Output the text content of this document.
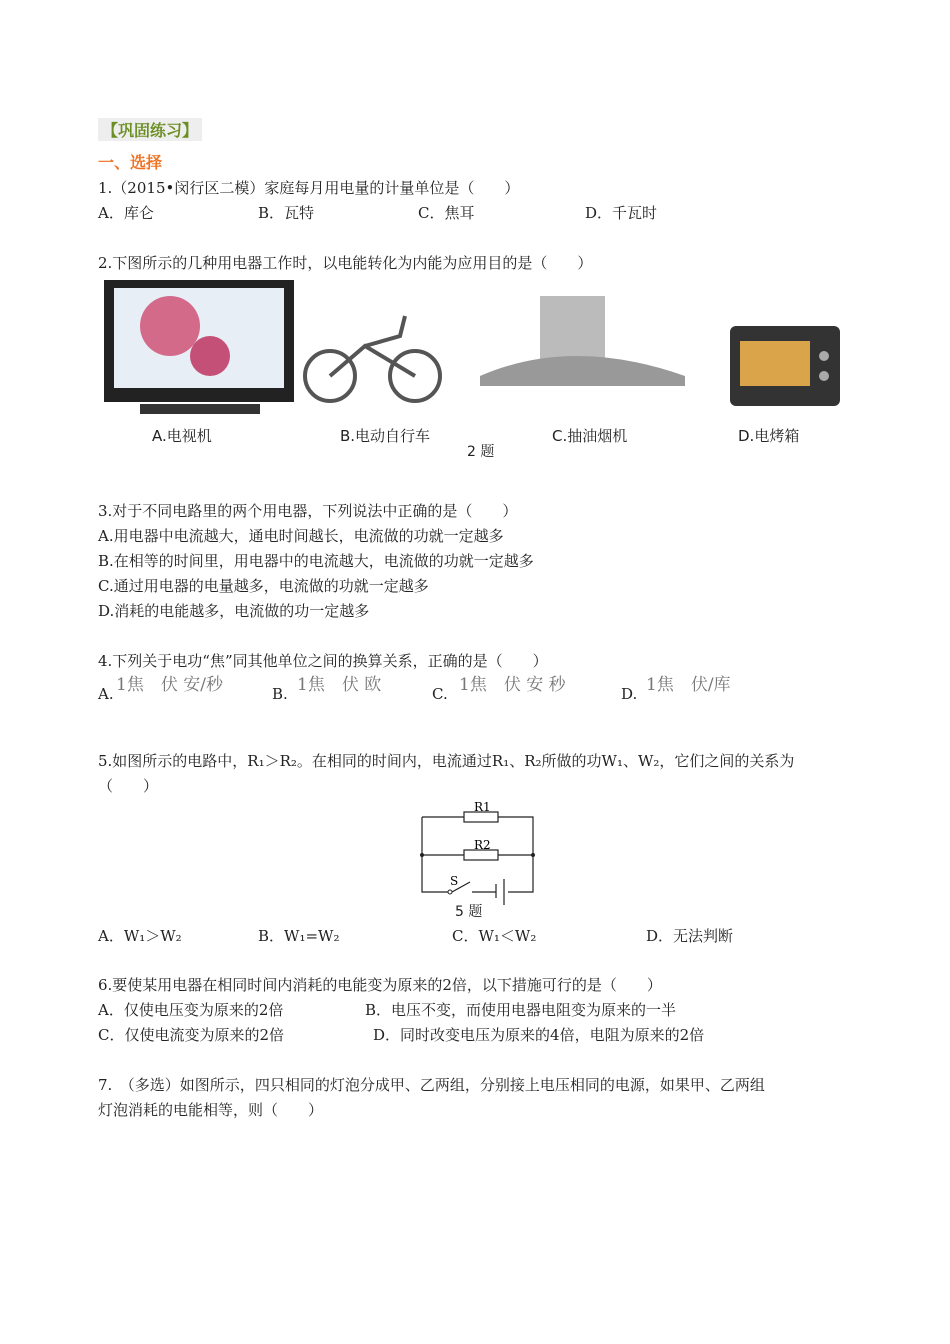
【巩固练习】
一、选择
1.（2015•闵行区二模）家庭每月用电量的计量单位是（　　）
A．库仑	B．瓦特	C．焦耳	D．千瓦时
2.下图所示的几种用电器工作时，以电能转化为内能为应用目的是（　　）
A.电视机	B.电动自行车	C.抽油烟机	D.电烤箱
2 题
3.对于不同电路里的两个用电器，下列说法中正确的是（　　）
A.用电器中电流越大，通电时间越长，电流做的功就一定越多
B.在相等的时间里，用电器中的电流越大，电流做的功就一定越多
C.通过用电器的电量越多，电流做的功就一定越多
D.消耗的电能越多，电流做的功一定越多
4.下列关于电功“焦”同其他单位之间的换算关系，正确的是（　　）
A. 1焦　伏 安/秒	B. 1焦　伏 欧	C. 1焦　伏 安 秒	D. 1焦　伏/库
5.如图所示的电路中，R₁＞R₂。在相同的时间内，电流通过R₁、R₂所做的功W₁、W₂，它们之间的关系为
（　　）
R1
R2
S
5 题
A．W₁＞W₂	B．W₁=W₂	C．W₁＜W₂	D．无法判断
6.要使某用电器在相同时间内消耗的电能变为原来的2倍，以下措施可行的是（　　）
A．仅使电压变为原来的2倍	B．电压不变，而使用电器电阻变为原来的一半
C．仅使电流变为原来的2倍	D．同时改变电压为原来的4倍，电阻为原来的2倍
7.　（多选）如图所示，四只相同的灯泡分成甲、乙两组，分别接上电压相同的电源，如果甲、乙两组
灯泡消耗的电能相等，则（　　）
